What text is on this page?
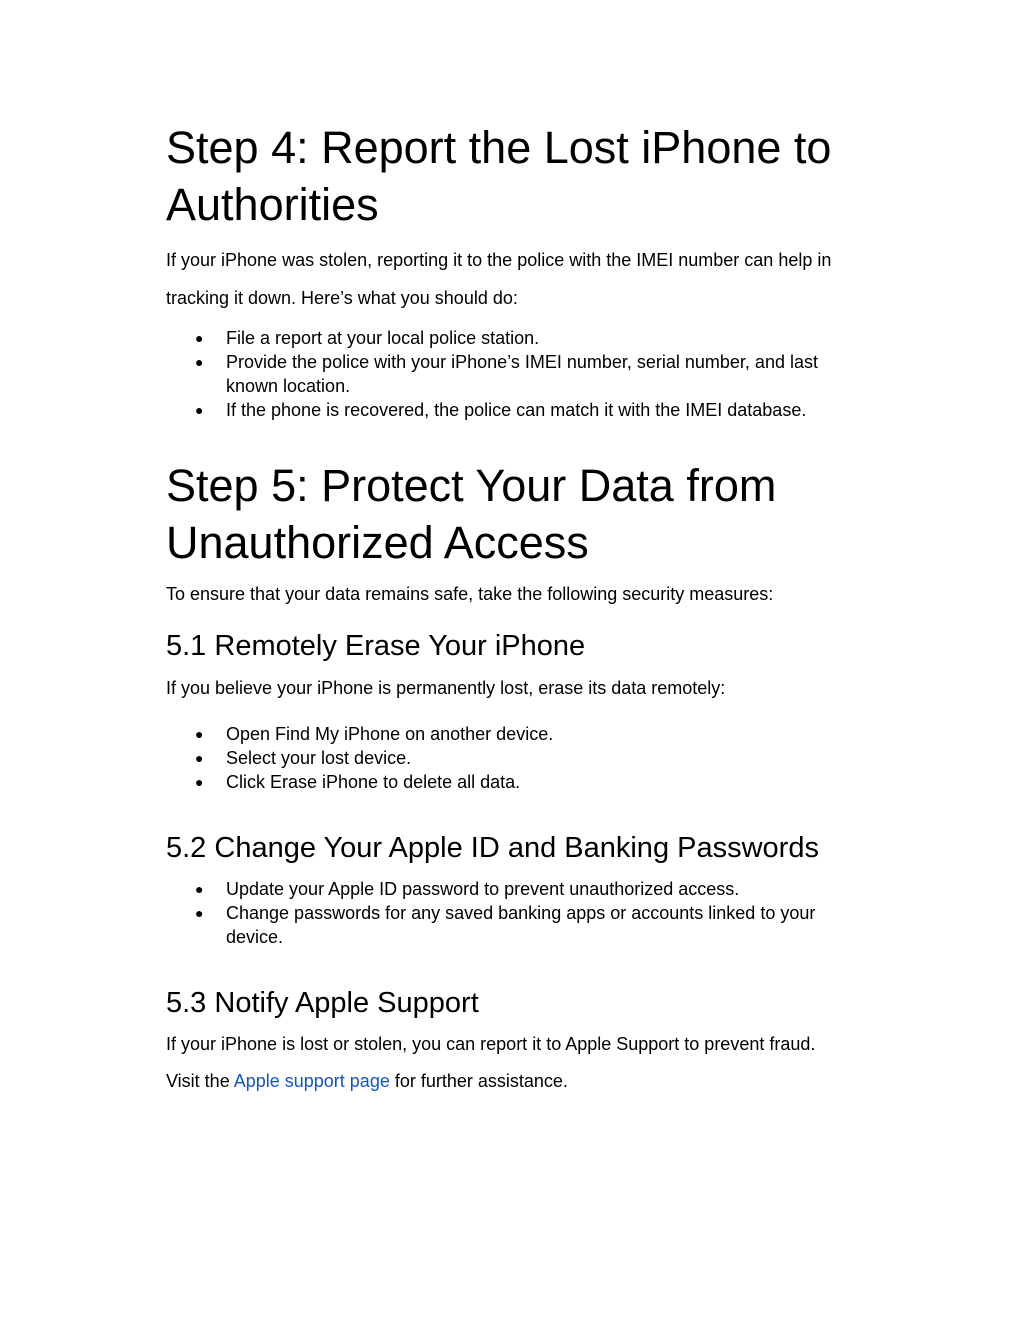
Step 4: Report the Lost iPhone to Authorities

If your iPhone was stolen, reporting it to the police with the IMEI number can help in tracking it down. Here’s what you should do:

● File a report at your local police station.
● Provide the police with your iPhone’s IMEI number, serial number, and last known location.
● If the phone is recovered, the police can match it with the IMEI database.
Step 5: Protect Your Data from Unauthorized Access

To ensure that your data remains safe, take the following security measures:

5.1 Remotely Erase Your iPhone

If you believe your iPhone is permanently lost, erase its data remotely:

● Open Find My iPhone on another device.
● Select your lost device.
● Click Erase iPhone to delete all data.
5.2 Change Your Apple ID and Banking Passwords
● Update your Apple ID password to prevent unauthorized access.
● Change passwords for any saved banking apps or accounts linked to your device.
5.3 Notify Apple Support

If your iPhone is lost or stolen, you can report it to Apple Support to prevent fraud.

Visit the Apple support page for further assistance.
